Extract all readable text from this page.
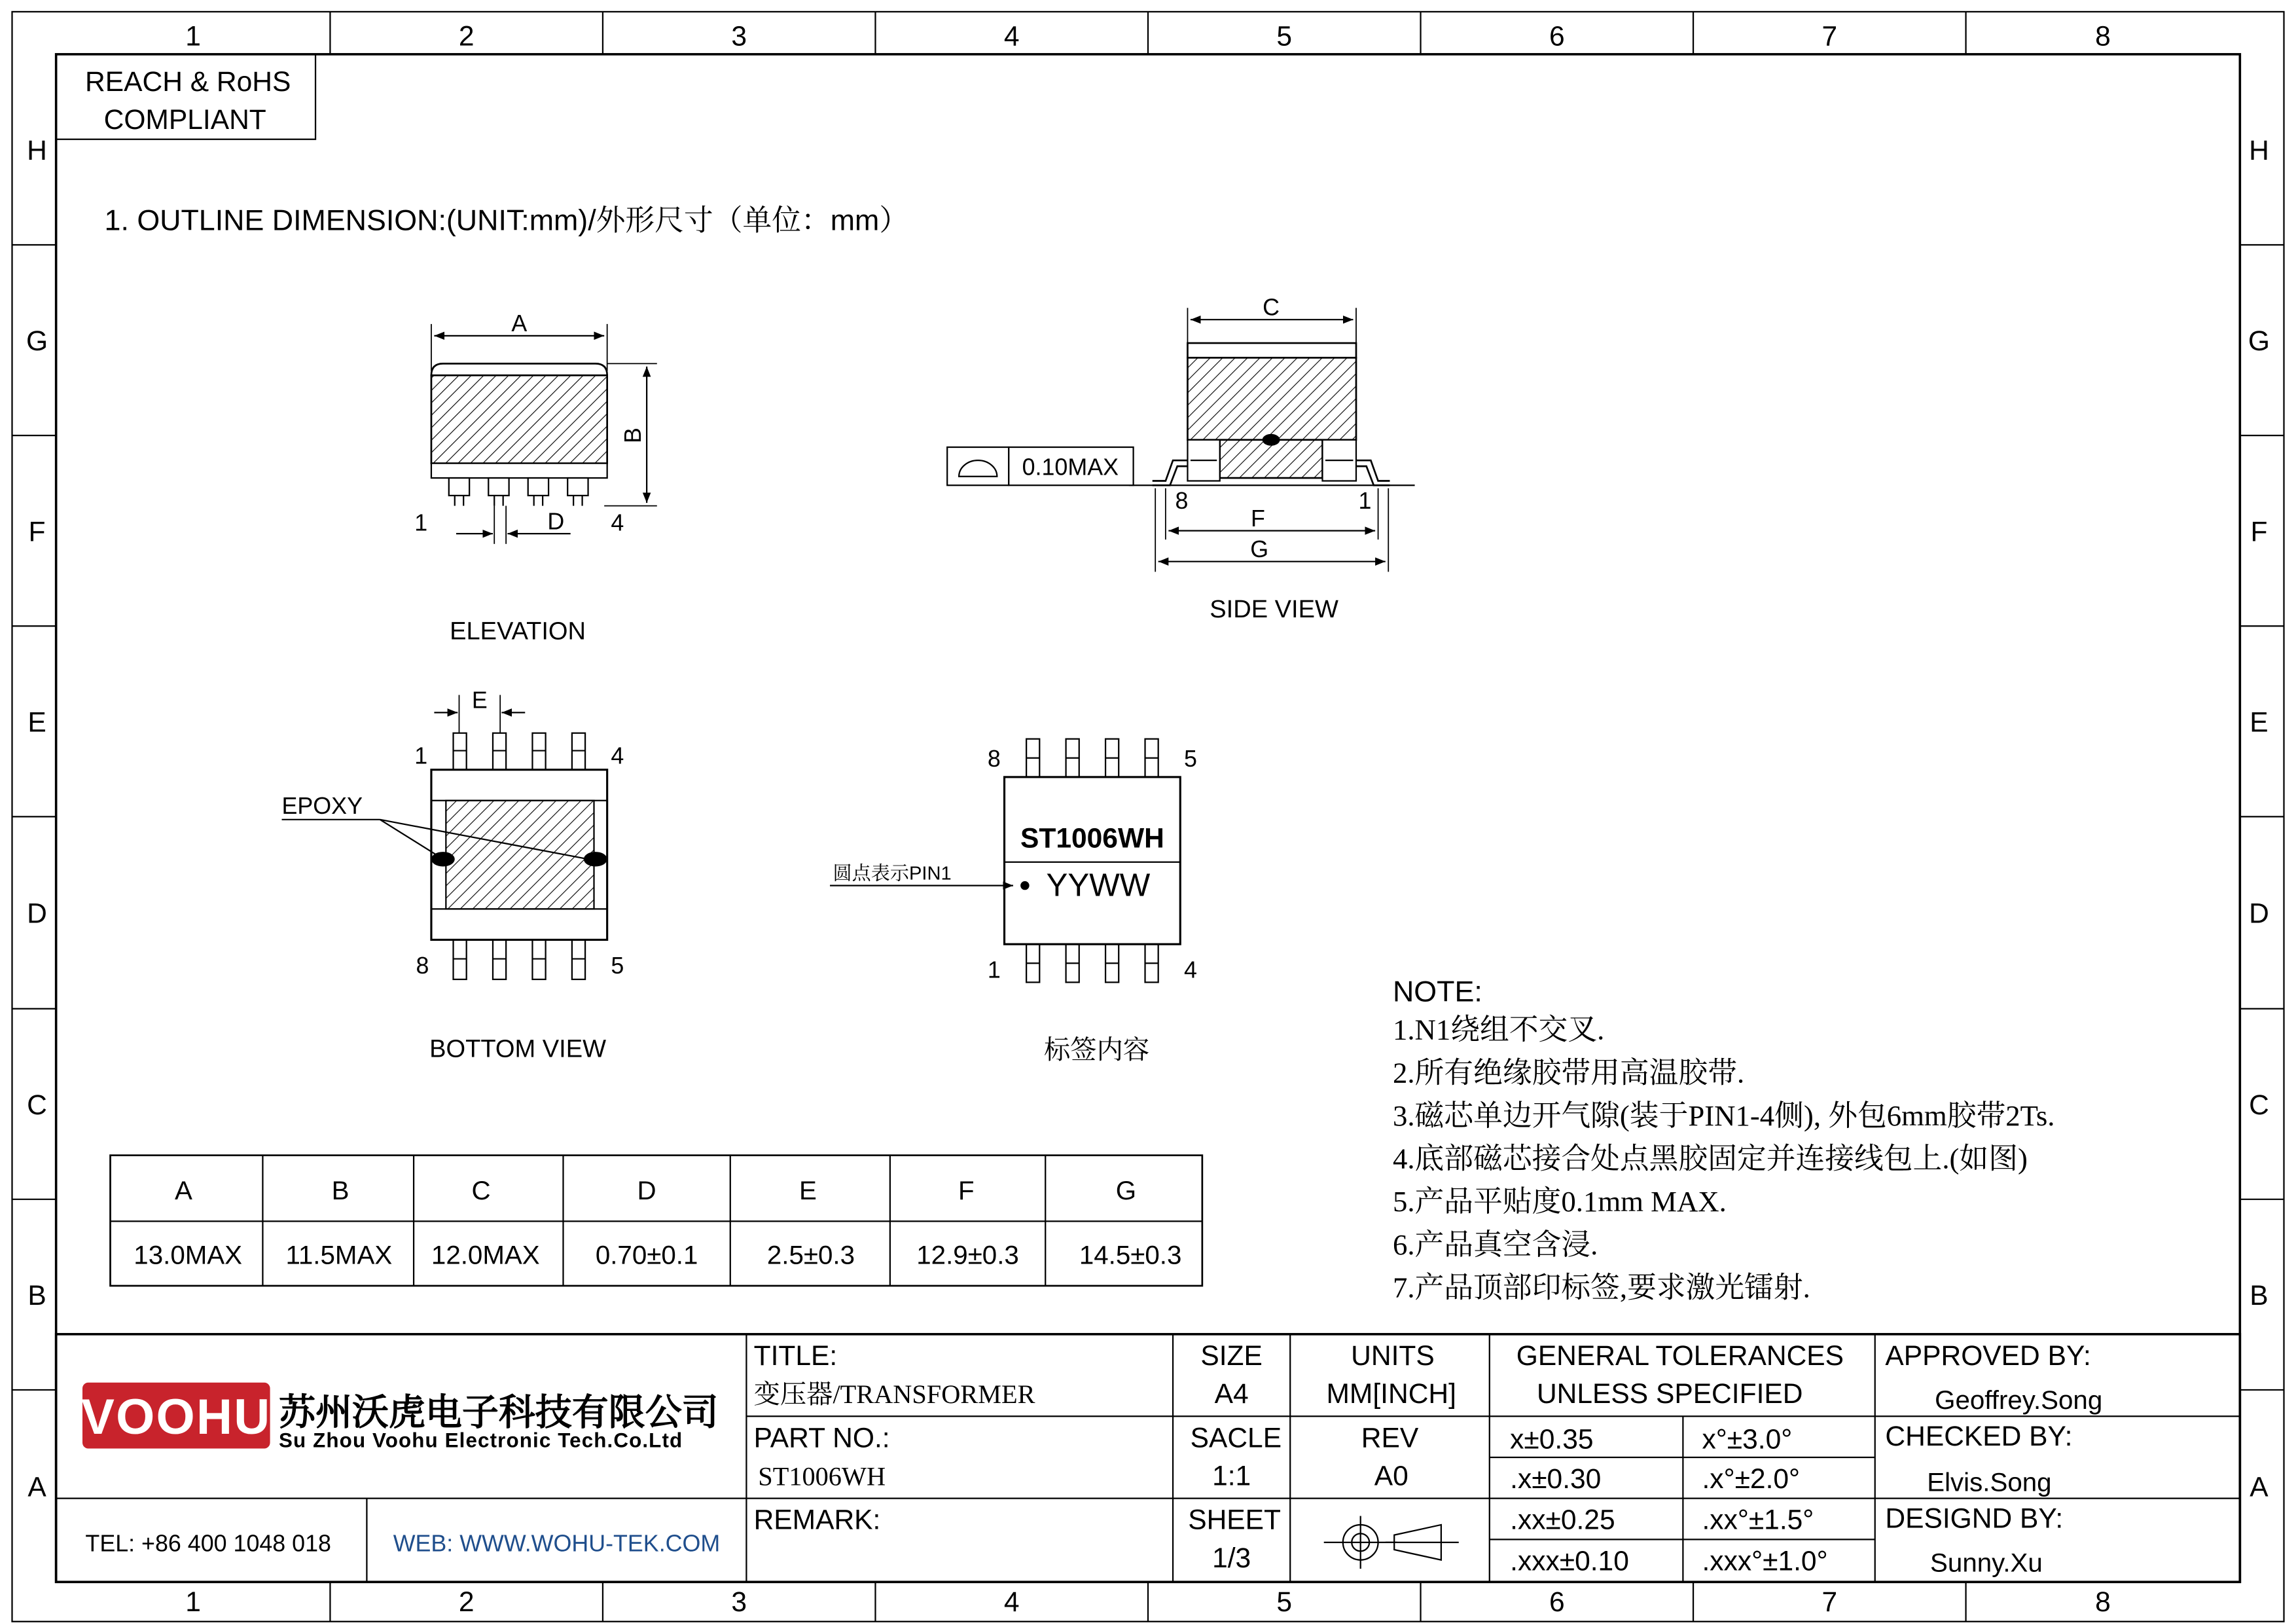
1
1
2
2
3
3
4
4
5
5
6
6
7
7
8
8
H	H
G	G
F	F
E	E
D	D
C	C
B	B
A	A
REACH & RoHS
COMPLIANT
1. OUTLINE DIMENSION:(UNIT:mm)/外形尺寸（单位：mm）
A
B
D
1	4
ELEVATION
C
0.10MAX
F
G
8	1
SIDE VIEW
E
EPOXY
1	4
8	5
BOTTOM VIEW
ST1006WH
YYWW
圆点表示PIN1
8	5
1	4
标签内容
A	B	C	D	E	F	G
13.0MAX	11.5MAX	12.0MAX	0.70±0.1	2.5±0.3	12.9±0.3	14.5±0.3
NOTE:
1.N1绕组不交叉.
2.所有绝缘胶带用高温胶带.
3.磁芯单边开气隙(装于PIN1-4侧), 外包6mm胶带2Ts.
4.底部磁芯接合处点黑胶固定并连接线包上.(如图)
5.产品平贴度0.1mm MAX.
6.产品真空含浸.
7.产品顶部印标签,要求激光镭射.
VOOHU 苏州沃虎电子科技有限公司
Su Zhou Voohu Electronic Tech.Co.Ltd
TEL: +86 400 1048 018	WEB: WWW.WOHU-TEK.COM
TITLE:
变压器/TRANSFORMER
PART NO.:
ST1006WH
REMARK:
SIZE
A4
UNITS
MM[INCH]
SACLE
1:1
REV
A0
SHEET
1/3
GENERAL TOLERANCES
UNLESS SPECIFIED
x±0.35	x°±3.0°
.x±0.30	.x°±2.0°
.xx±0.25	.xx°±1.5°
.xxx±0.10	.xxx°±1.0°
APPROVED BY:
Geoffrey.Song
CHECKED BY:
Elvis.Song
DESIGND BY:
Sunny.Xu
